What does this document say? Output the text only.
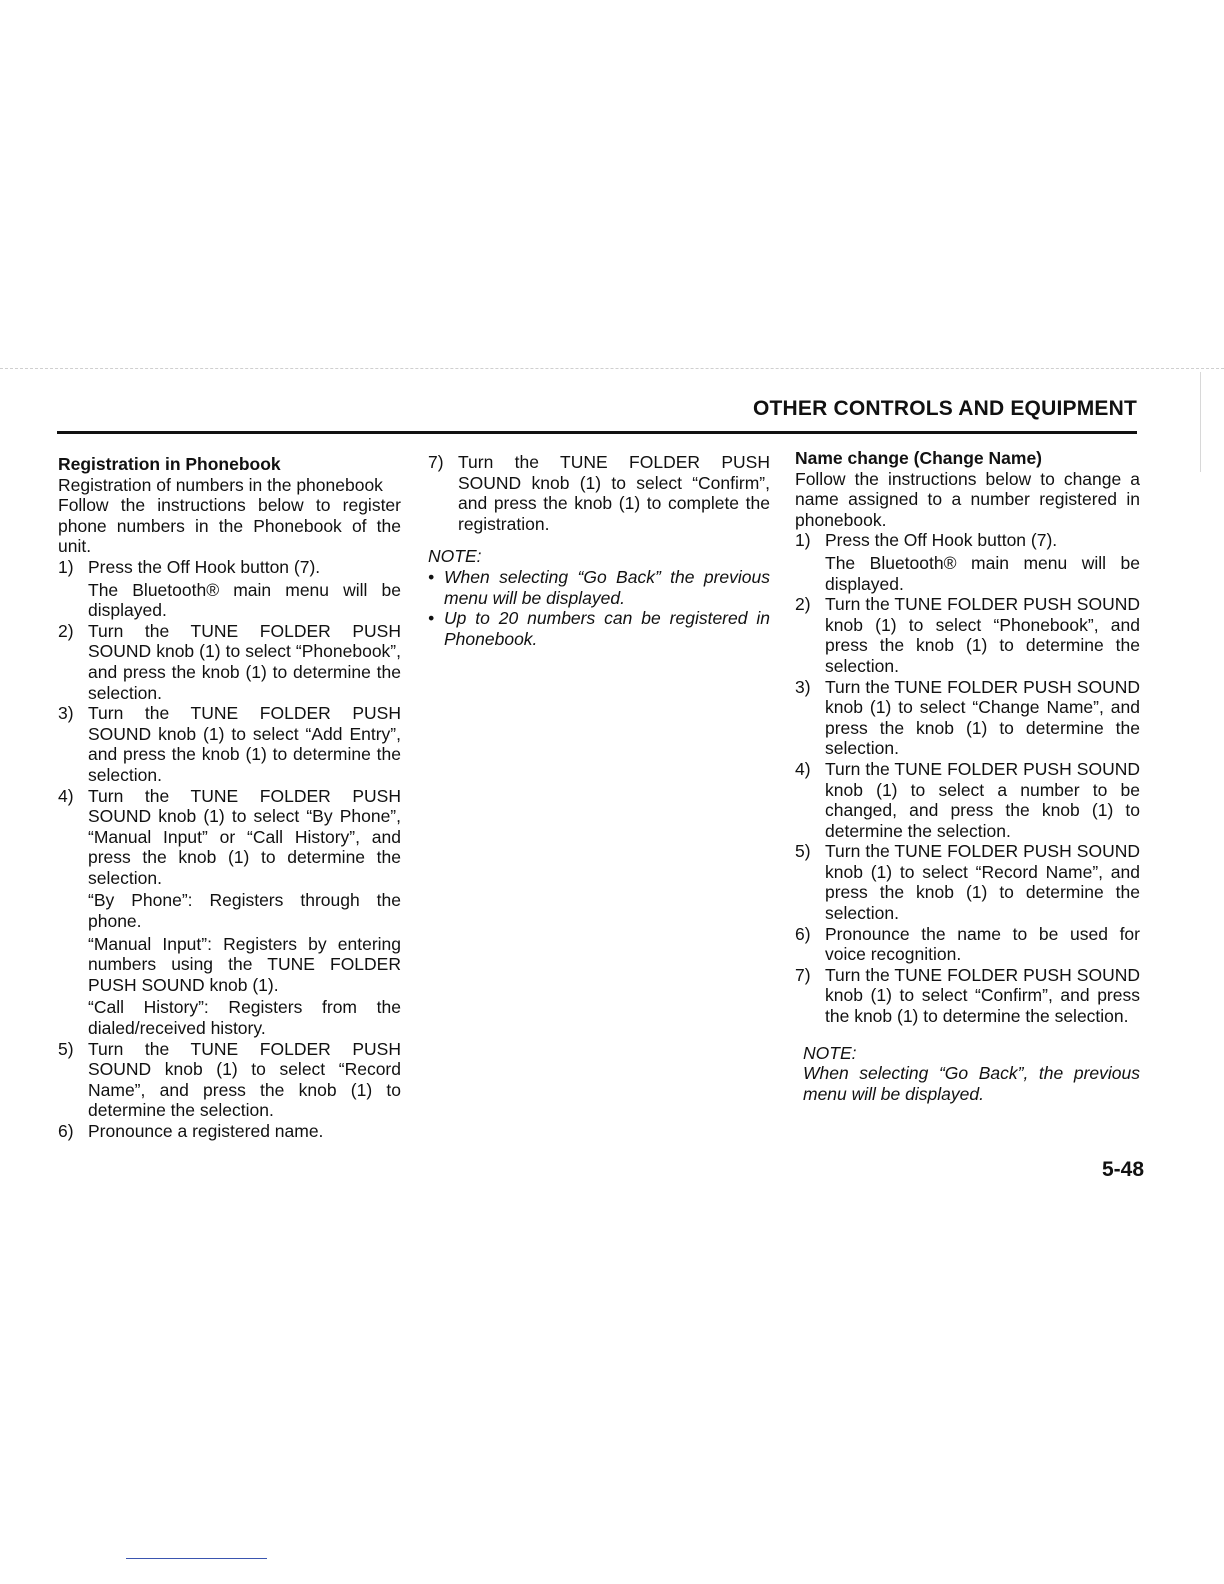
OTHER CONTROLS AND EQUIPMENT

Registration in Phonebook

Registration of numbers in the phonebook

Follow the instructions below to register phone numbers in the Phonebook of the unit.

1) Press the Off Hook button (7).
The Bluetooth® main menu will be displayed.
2) Turn the TUNE FOLDER PUSH SOUND knob (1) to select “Phonebook”, and press the knob (1) to determine the selection.
3) Turn the TUNE FOLDER PUSH SOUND knob (1) to select “Add Entry”, and press the knob (1) to determine the selection.
4) Turn the TUNE FOLDER PUSH SOUND knob (1) to select “By Phone”, “Manual Input” or “Call History”, and press the knob (1) to determine the selection.
“By Phone”: Registers through the phone.
“Manual Input”: Registers by entering numbers using the TUNE FOLDER PUSH SOUND knob (1).
“Call History”: Registers from the dialed/received history.
5) Turn the TUNE FOLDER PUSH SOUND knob (1) to select “Record Name”, and press the knob (1) to determine the selection.
6) Pronounce a registered name.
7) Turn the TUNE FOLDER PUSH SOUND knob (1) to select “Confirm”, and press the knob (1) to complete the registration.

NOTE:

• When selecting “Go Back” the previous menu will be displayed.
• Up to 20 numbers can be registered in Phonebook.

Name change (Change Name)

Follow the instructions below to change a name assigned to a number registered in phonebook.

1) Press the Off Hook button (7).
The Bluetooth® main menu will be displayed.
2) Turn the TUNE FOLDER PUSH SOUND knob (1) to select “Phonebook”, and press the knob (1) to determine the selection.
3) Turn the TUNE FOLDER PUSH SOUND knob (1) to select “Change Name”, and press the knob (1) to determine the selection.
4) Turn the TUNE FOLDER PUSH SOUND knob (1) to select a number to be changed, and press the knob (1) to determine the selection.
5) Turn the TUNE FOLDER PUSH SOUND knob (1) to select “Record Name”, and press the knob (1) to determine the selection.
6) Pronounce the name to be used for voice recognition.
7) Turn the TUNE FOLDER PUSH SOUND knob (1) to select “Confirm”, and press the knob (1) to determine the selection.

NOTE:

When selecting “Go Back”, the previous menu will be displayed.

5-48
